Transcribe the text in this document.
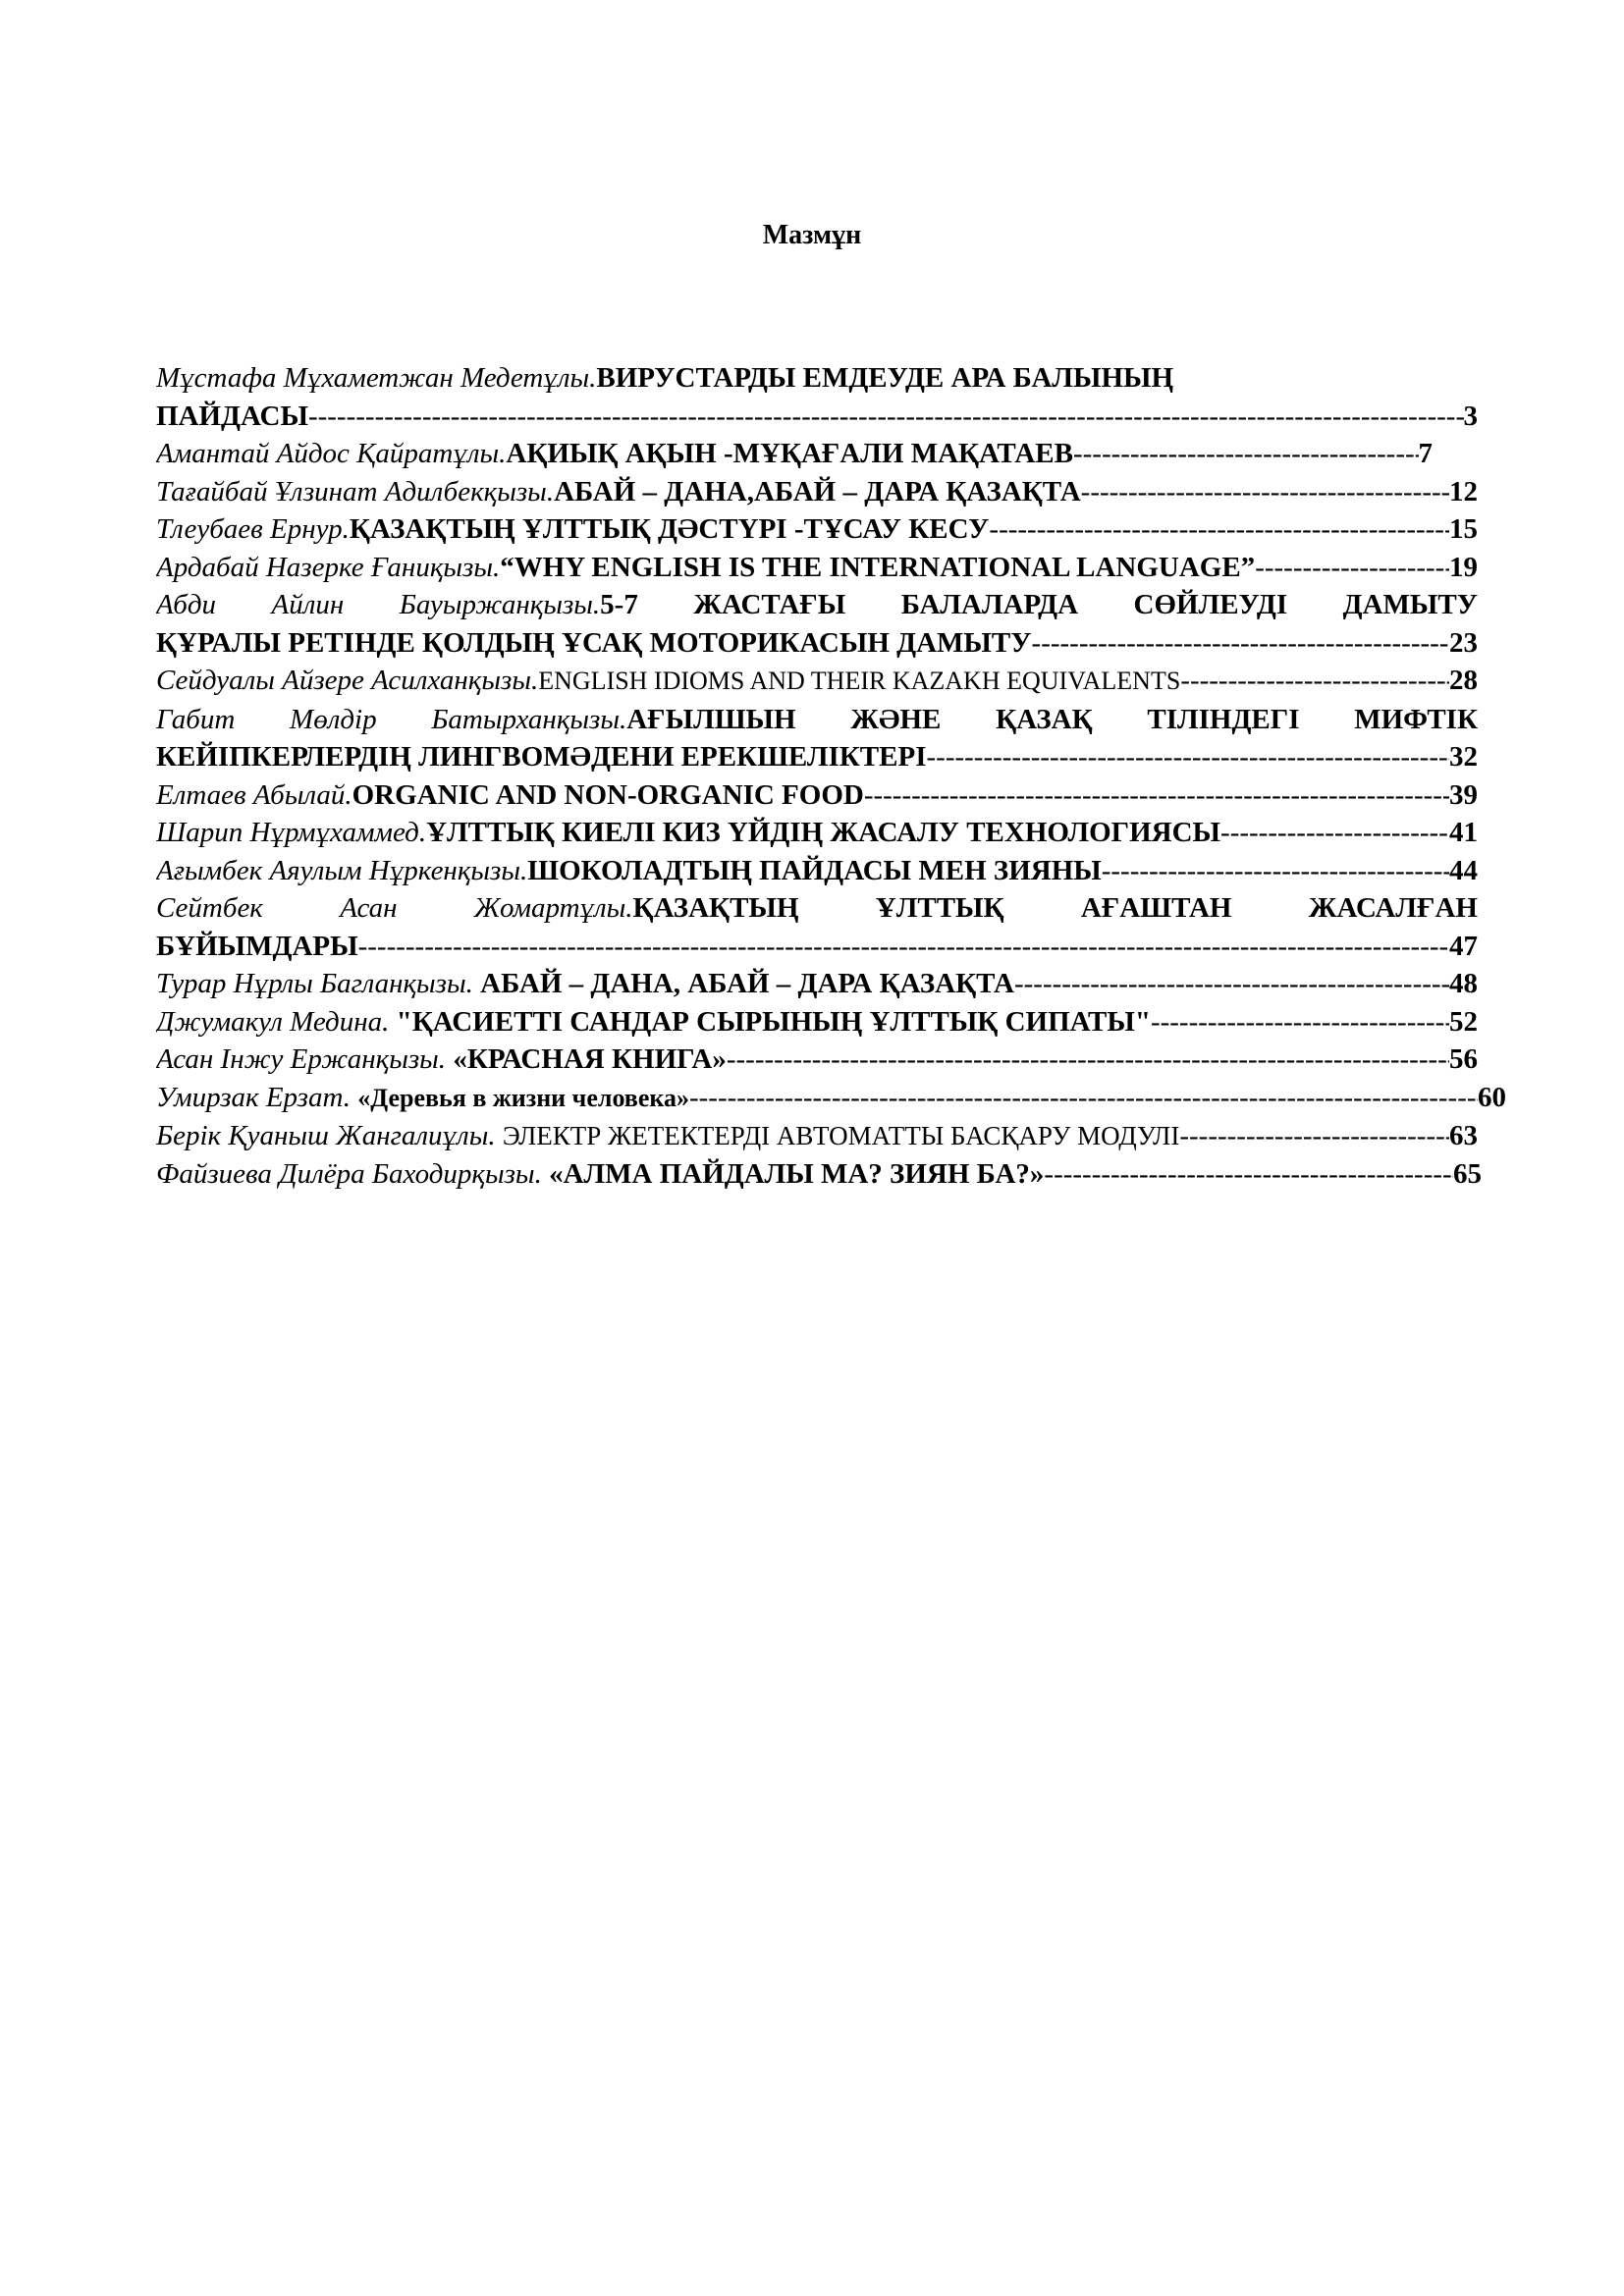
Мазмұн
Мұстафа Мұхаметжан Медетұлы.ВИРУСТАРДЫ ЕМДЕУДЕ АРА БАЛЫНЫҢ
ПАЙДАСЫ -----	3
Амантай Айдос Қайратұлы.АҚИЫҚ АҚЫН -МҰҚАҒАЛИ МАҚАТАЕВ -----	7
Тағайбай Ұлзинат Адилбекқызы.АБАЙ – ДАНА,АБАЙ – ДАРА ҚАЗАҚТА -----	12
Тлеубаев Ернур.ҚАЗАҚТЫҢ ҰЛТТЫҚ ДӘСТҮРІ -ТҰСАУ КЕСУ -----	15
Ардабай Назерке Ғаниқызы.“WHY ENGLISH IS THE INTERNATIONAL LANGUAGE” -----	19
Абди Айлин Бауыржанқызы.5-7 ЖАСТАҒЫ БАЛАЛАРДА СӨЙЛЕУДІ ДАМЫТУ
ҚҰРАЛЫ РЕТІНДЕ ҚОЛДЫҢ ҰСАҚ МОТОРИКАСЫН ДАМЫТУ -----	23
Сейдуалы Айзере Асилханқызы.ENGLISH IDIOMS AND THEIR KAZAKH EQUIVALENTS -----	28
Габит Мөлдір Батырханқызы.АҒЫЛШЫН ЖӘНЕ ҚАЗАҚ ТІЛІНДЕГІ МИФТІК
КЕЙІПКЕРЛЕРДІҢ ЛИНГВОМӘДЕНИ ЕРЕКШЕЛІКТЕРІ -----	32
Елтаев Абылай.ORGANIC AND NON-ORGANIC FOOD -----	39
Шарип Нұрмұхаммед.ҰЛТТЫҚ КИЕЛІ КИЗ ҮЙДІҢ ЖАСАЛУ ТЕХНОЛОГИЯСЫ -----	41
Ағымбек Аяулым Нұркенқызы.ШОКОЛАДТЫҢ ПАЙДАСЫ МЕН ЗИЯНЫ -----	44
Сейтбек Асан Жомартұлы.ҚАЗАҚТЫҢ ҰЛТТЫҚ АҒАШТАН ЖАСАЛҒАН
БҰЙЫМДАРЫ -----	47
Турар Нұрлы Багланқызы. АБАЙ – ДАНА, АБАЙ – ДАРА ҚАЗАҚТА -----	48
Джумакул Медина. "ҚАСИЕТТІ САНДАР СЫРЫНЫҢ ҰЛТТЫҚ СИПАТЫ" -----	52
Асан Інжу Ержанқызы. «КРАСНАЯ КНИГА» -----	56
Умирзак Ерзат. «Деревья в жизни человека» -----	60
Берік Қуаныш Жангалиұлы. ЭЛЕКТР ЖЕТЕКТЕРДІ АВТОМАТТЫ БАСҚАРУ МОДУЛІ -----	63
Файзиева Дилёра Баходирқызы. «АЛМА ПАЙДАЛЫ МА? ЗИЯН БА?» -----	65
